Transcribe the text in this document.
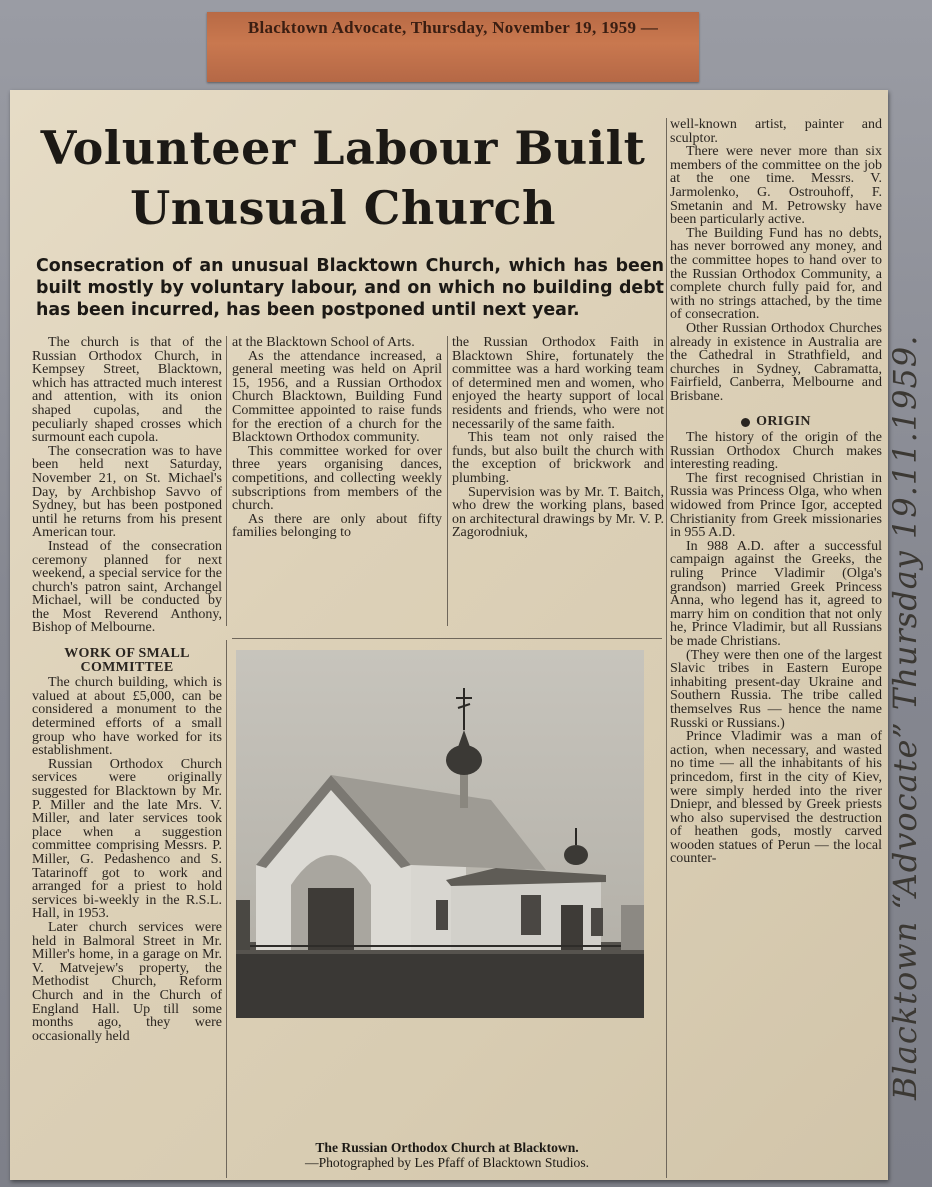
Blacktown Advocate, Thursday, November 19, 1959 —
Volunteer Labour Built
Unusual Church
Consecration of an unusual Blacktown Church, which has been built mostly by voluntary labour, and on which no building debt has been incurred, has been postponed until next year.

The church is that of the Russian Orthodox Church, in Kempsey Street, Blacktown, which has attracted much interest and attention, with its onion shaped cupolas, and the peculiarly shaped crosses which surmount each cupola.

The consecration was to have been held next Saturday, November 21, on St. Michael's Day, by Archbishop Savvo of Sydney, but has been postponed until he returns from his present American tour.

Instead of the consecration ceremony planned for next weekend, a special service for the church's patron saint, Archangel Michael, will be conducted by the Most Reverend Anthony, Bishop of Melbourne.

WORK OF SMALL COMMITTEE

The church building, which is valued at about £5,000, can be considered a monument to the determined efforts of a small group who have worked for its establishment.

Russian Orthodox Church services were originally suggested for Blacktown by Mr. P. Miller and the late Mrs. V. Miller, and later services took place when a suggestion committee comprising Messrs. P. Miller, G. Pedashenco and S. Tatarinoff got to work and arranged for a priest to hold services bi-weekly in the R.S.L. Hall, in 1953.

Later church services were held in Balmoral Street in Mr. Miller's home, in a garage on Mr. V. Matvejew's property, the Methodist Church, Reform Church and in the Church of England Hall. Up till some months ago, they were occasionally held

at the Blacktown School of Arts.

As the attendance increased, a general meeting was held on April 15, 1956, and a Russian Orthodox Church Blacktown, Building Fund Committee appointed to raise funds for the erection of a church for the Blacktown Orthodox community.

This committee worked for over three years organising dances, competitions, and collecting weekly subscriptions from members of the church.

As there are only about fifty families belonging to

the Russian Orthodox Faith in Blacktown Shire, fortunately the committee was a hard working team of determined men and women, who enjoyed the hearty support of local residents and friends, who were not necessarily of the same faith.

This team not only raised the funds, but also built the church with the exception of brickwork and plumbing.

Supervision was by Mr. T. Baitch, who drew the working plans, based on architectural drawings by Mr. V. P. Zagorodniuk,

well-known artist, painter and sculptor.

There were never more than six members of the committee on the job at the one time. Messrs. V. Jarmolenko, G. Ostrouhoff, F. Smetanin and M. Petrowsky have been particularly active.

The Building Fund has no debts, has never borrowed any money, and the committee hopes to hand over to the Russian Orthodox Community, a complete church fully paid for, and with no strings attached, by the time of consecration.

Other Russian Orthodox Churches already in existence in Australia are the Cathedral in Strathfield, and churches in Sydney, Cabramatta, Fairfield, Canberra, Melbourne and Brisbane.

ORIGIN

The history of the origin of the Russian Orthodox Church makes interesting reading.

The first recognised Christian in Russia was Princess Olga, who when widowed from Prince Igor, accepted Christianity from Greek missionaries in 955 A.D.

In 988 A.D. after a successful campaign against the Greeks, the ruling Prince Vladimir (Olga's grandson) married Greek Princess Anna, who legend has it, agreed to marry him on condition that not only he, Prince Vladimir, but all Russians be made Christians.

(They were then one of the largest Slavic tribes in Eastern Europe inhabiting present-day Ukraine and Southern Russia. The tribe called themselves Rus — hence the name Russki or Russians.)

Prince Vladimir was a man of action, when necessary, and wasted no time — all the inhabitants of his princedom, first in the city of Kiev, were simply herded into the river Dniepr, and blessed by Greek priests who also supervised the destruction of heathen gods, mostly carved wooden statues of Perun — the local counter-

The Russian Orthodox Church at Blacktown.
—Photographed by Les Pfaff of Blacktown Studios.
Blacktown “Advocate” Thursday 19.11.1959.
